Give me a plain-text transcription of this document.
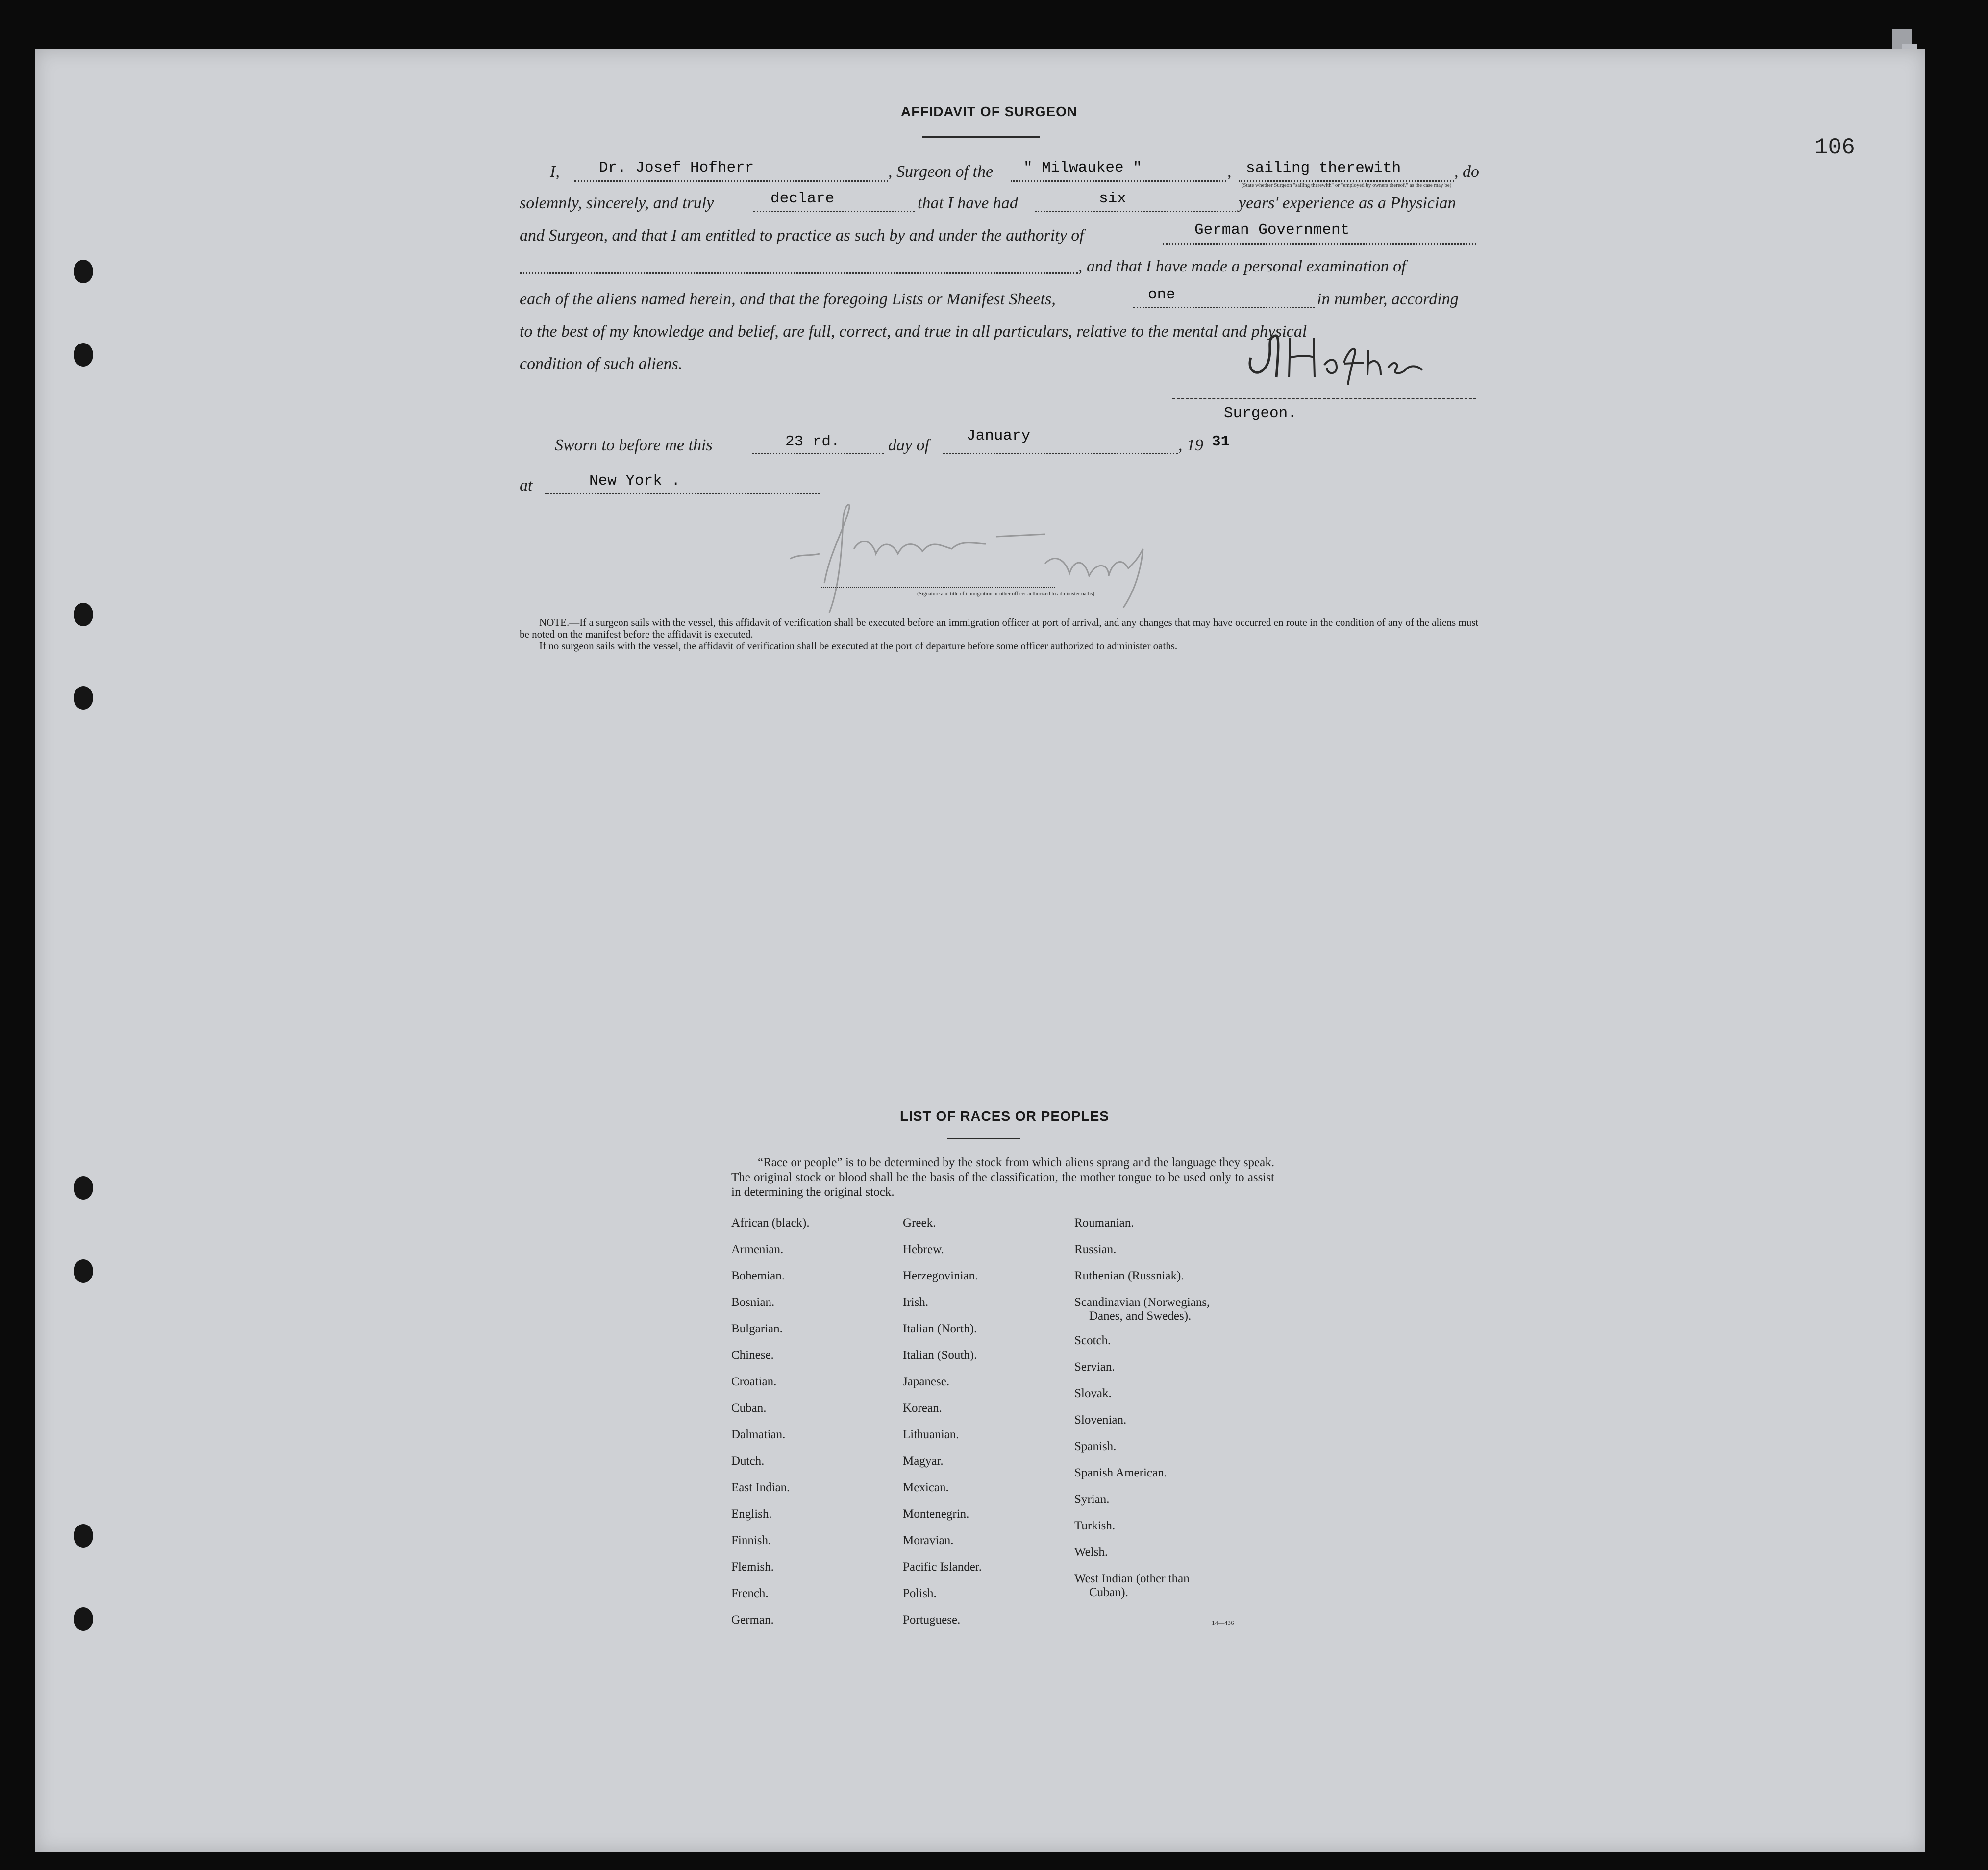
106
AFFIDAVIT OF SURGEON
I,	Dr. Josef Hofherr	, Surgeon of the " Milwaukee "	, sailing therewith	, do
(State whether Surgeon "sailing therewith" or "employed by owners thereof," as the case may be)
solemnly, sincerely, and truly	declare	that I have had	six	years' experience as a Physician
and Surgeon, and that I am entitled to practice as such by and under the authority of	German Government
, and that I have made a personal examination of
each of the aliens named herein, and that the foregoing Lists or Manifest Sheets,	one	in number, according
to the best of my knowledge and belief, are full, correct, and true in all particulars, relative to the mental and physical
condition of such aliens.
Surgeon.
Sworn to before me this	23 rd.	day of
January
, 19 31
at	New York .
(Signature and title of immigration or other officer authorized to administer oaths)
NOTE.—If a surgeon sails with the vessel, this affidavit of verification shall be executed before an immigration officer at port of arrival, and any changes that may have occurred en route in the condition of any of the aliens must be noted on the manifest before the affidavit is executed.
If no surgeon sails with the vessel, the affidavit of verification shall be executed at the port of departure before some officer authorized to administer oaths.
LIST OF RACES OR PEOPLES
“Race or people” is to be determined by the stock from which aliens sprang and the language they speak. The original stock or blood shall be the basis of the classification, the mother tongue to be used only to assist in determining the original stock.
African (black).
Armenian.
Bohemian.
Bosnian.
Bulgarian.
Chinese.
Croatian.
Cuban.
Dalmatian.
Dutch.
East Indian.
English.
Finnish.
Flemish.
French.
German.
Greek.
Hebrew.
Herzegovinian.
Irish.
Italian (North).
Italian (South).
Japanese.
Korean.
Lithuanian.
Magyar.
Mexican.
Montenegrin.
Moravian.
Pacific Islander.
Polish.
Portuguese.
Roumanian.
Russian.
Ruthenian (Russniak).
Scandinavian (Norwegians,
Danes, and Swedes).
Scotch.
Servian.
Slovak.
Slovenian.
Spanish.
Spanish American.
Syrian.
Turkish.
Welsh.
West Indian (other than
Cuban).
14—436
